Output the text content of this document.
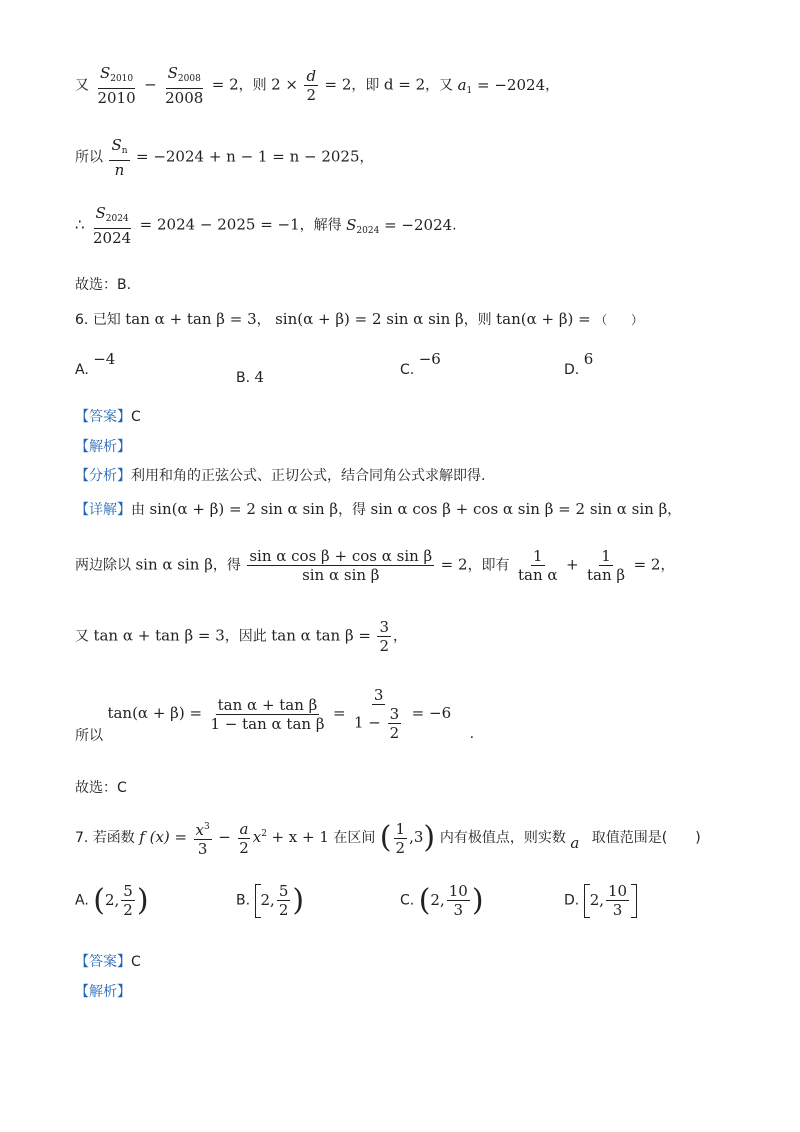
又 $\frac{S_{2010}}{2010} - \frac{S_{2008}}{2008} = 2$，则 $2 \times \frac{d}{2} = 2$，即 d = 2，又 $a_1 = -2024$，
所以 $\frac{S_n}{n} = -2024 + n - 1 = n - 2025$，
∴ $\frac{S_{2024}}{2024} = 2024 - 2025 = -1$，解得 $S_{2024} = -2024$.
故选：B.
6. 已知 tan α + tan β = 3， sin(α + β) = 2 sin α sin β，则 tan(α + β) = （　　）
A. −4
B. 4	C. −6
D. 6
【答案】C
【解析】
【分析】利用和角的正弦公式、正切公式，结合同角公式求解即得.
【详解】由 sin(α + β) = 2 sin α sin β，得 sin α cos β + cos α sin β = 2 sin α sin β，
两边除以 sin α sin β，得 $\frac{\text{sin α cos β + cos α sin β}}{\text{sin α sin β}} = 2$，即有 $\frac{1}{\text{tan α}} + \frac{1}{\text{tan β}} = 2$，
又 tan α + tan β = 3，因此 tan α $\tan \beta = \frac{3}{2}$ ，
所以 $\tan(\alpha + \beta) = \frac{\text{tan α + tan β}}{\text{1 − tan α tan β}} = \frac{3}{1 - \frac{3}{2}} = -6$ .
故选：C
7. 若函数 f $(x) = \frac{x^3}{3} - \frac{a}{2} x^2 + x + 1$ 在区间 ( $\frac{1}{2} ,3$) 内有极值点，则实数 a 取值范围是(　　)
A. (2, $\frac{5}{2}$ )	B. 2, $\frac{5}{2}$ )	C. (2, $\frac{10}{3}$ )	D. 2, $\frac{10}{3}$
【答案】C
【解析】
